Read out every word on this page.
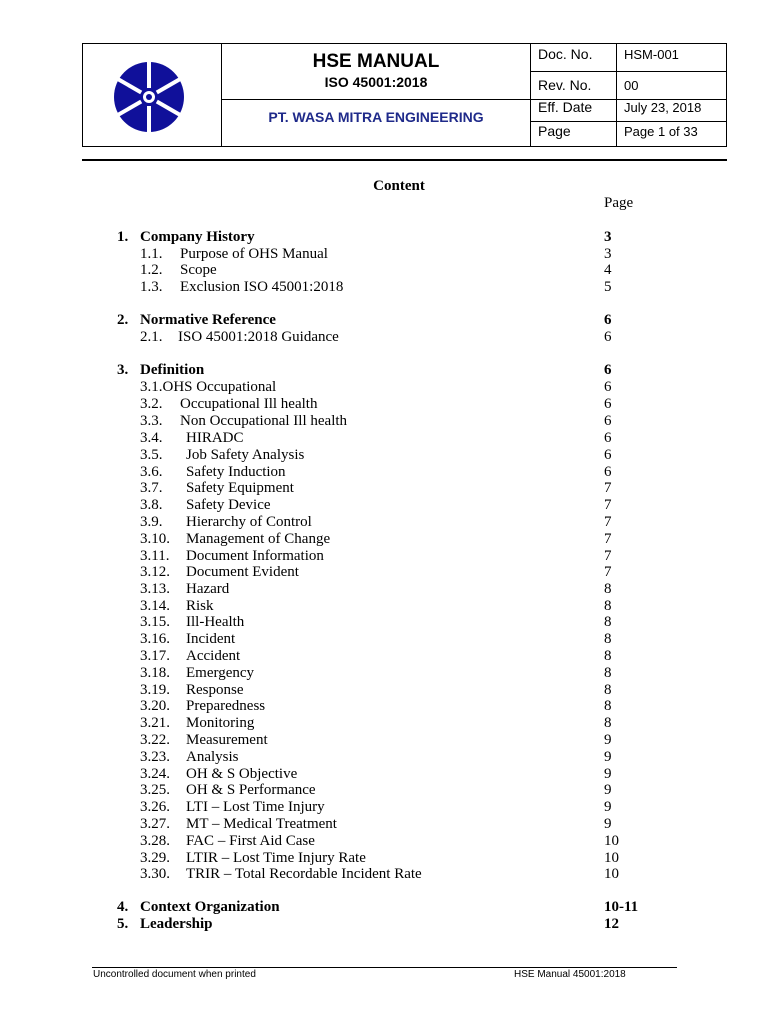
HSE MANUAL
ISO 45001:2018
PT. WASA MITRA ENGINEERING
Doc. No. HSM-001
Rev. No.	00
Eff. Date July 23, 2018
Page	Page 1 of 33
Content
Page
1. Company History	3
1.1. Purpose of OHS Manual	3
1.2. Scope	4
1.3. Exclusion ISO 45001:2018	5
2. Normative Reference	6
2.1. ISO 45001:2018 Guidance	6
3. Definition	6
3.1.OHS Occupational	6
3.2. Occupational Ill health	6
3.3. Non Occupational Ill health	6
3.4. HIRADC	6
3.5. Job Safety Analysis	6
3.6. Safety Induction	6
3.7. Safety Equipment	7
3.8. Safety Device	7
3.9. Hierarchy of Control	7
3.10. Management of Change	7
3.11. Document Information	7
3.12. Document Evident	7
3.13. Hazard	8
3.14. Risk	8
3.15. Ill-Health	8
3.16. Incident	8
3.17. Accident	8
3.18. Emergency	8
3.19. Response	8
3.20. Preparedness	8
3.21. Monitoring	8
3.22. Measurement	9
3.23. Analysis	9
3.24. OH & S Objective	9
3.25. OH & S Performance	9
3.26. LTI – Lost Time Injury	9
3.27. MT – Medical Treatment	9
3.28. FAC – First Aid Case	10
3.29. LTIR – Lost Time Injury Rate	10
3.30. TRIR – Total Recordable Incident Rate	10
4. Context Organization	10-11
5. Leadership	12
Uncontrolled document when printed	HSE Manual 45001:2018
